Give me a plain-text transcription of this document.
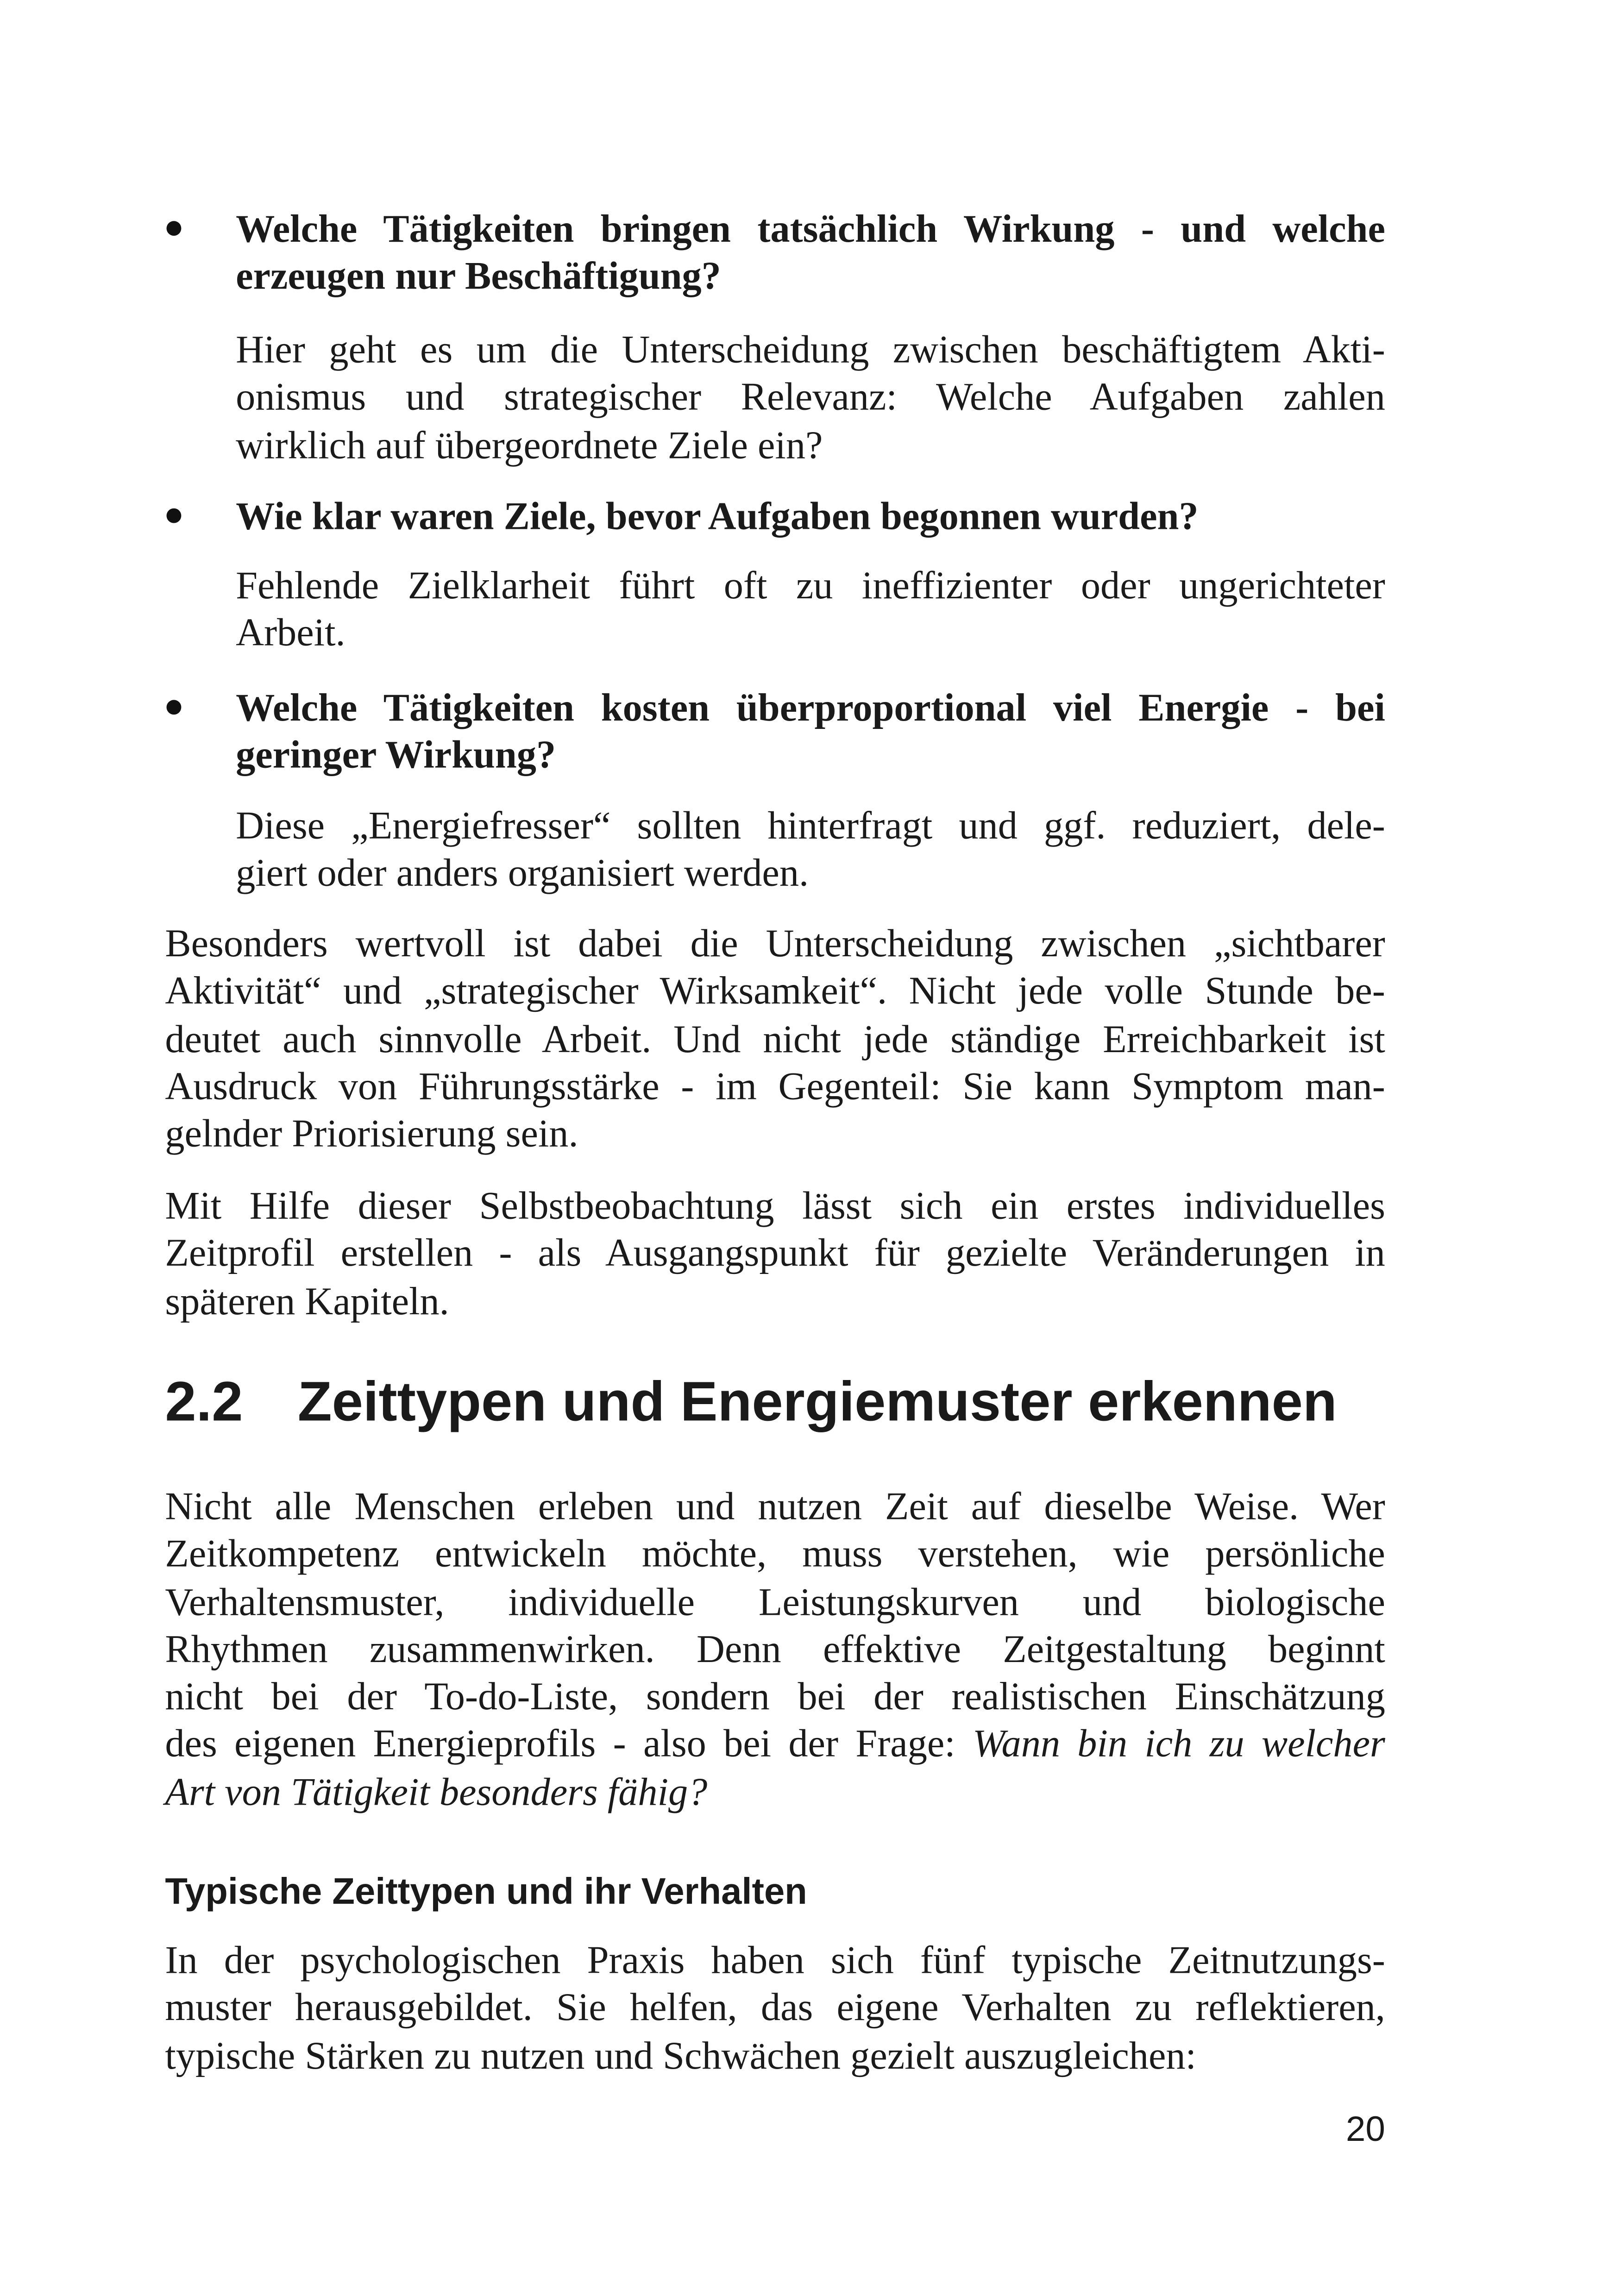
Welche Tätigkeiten bringen tatsächlich Wirkung - und welche
erzeugen nur Beschäftigung?
Hier geht es um die Unterscheidung zwischen beschäftigtem Akti-
onismus und strategischer Relevanz: Welche Aufgaben zahlen
wirklich auf übergeordnete Ziele ein?
Wie klar waren Ziele, bevor Aufgaben begonnen wurden?
Fehlende Zielklarheit führt oft zu ineffizienter oder ungerichteter
Arbeit.
Welche Tätigkeiten kosten überproportional viel Energie - bei
geringer Wirkung?
Diese „Energiefresser“ sollten hinterfragt und ggf. reduziert, dele-
giert oder anders organisiert werden.
Besonders wertvoll ist dabei die Unterscheidung zwischen „sichtbarer
Aktivität“ und „strategischer Wirksamkeit“. Nicht jede volle Stunde be-
deutet auch sinnvolle Arbeit. Und nicht jede ständige Erreichbarkeit ist
Ausdruck von Führungsstärke - im Gegenteil: Sie kann Symptom man-
gelnder Priorisierung sein.
Mit Hilfe dieser Selbstbeobachtung lässt sich ein erstes individuelles
Zeitprofil erstellen - als Ausgangspunkt für gezielte Veränderungen in
späteren Kapiteln.
2.2	Zeittypen und Energiemuster erkennen
Nicht alle Menschen erleben und nutzen Zeit auf dieselbe Weise. Wer
Zeitkompetenz entwickeln möchte, muss verstehen, wie persönliche
Verhaltensmuster, individuelle Leistungskurven und biologische
Rhythmen zusammenwirken. Denn effektive Zeitgestaltung beginnt
nicht bei der To-do-Liste, sondern bei der realistischen Einschätzung
des eigenen Energieprofils - also bei der Frage: Wann bin ich zu welcher
Art von Tätigkeit besonders fähig?
Typische Zeittypen und ihr Verhalten
In der psychologischen Praxis haben sich fünf typische Zeitnutzungs-
muster herausgebildet. Sie helfen, das eigene Verhalten zu reflektieren,
typische Stärken zu nutzen und Schwächen gezielt auszugleichen:
20
